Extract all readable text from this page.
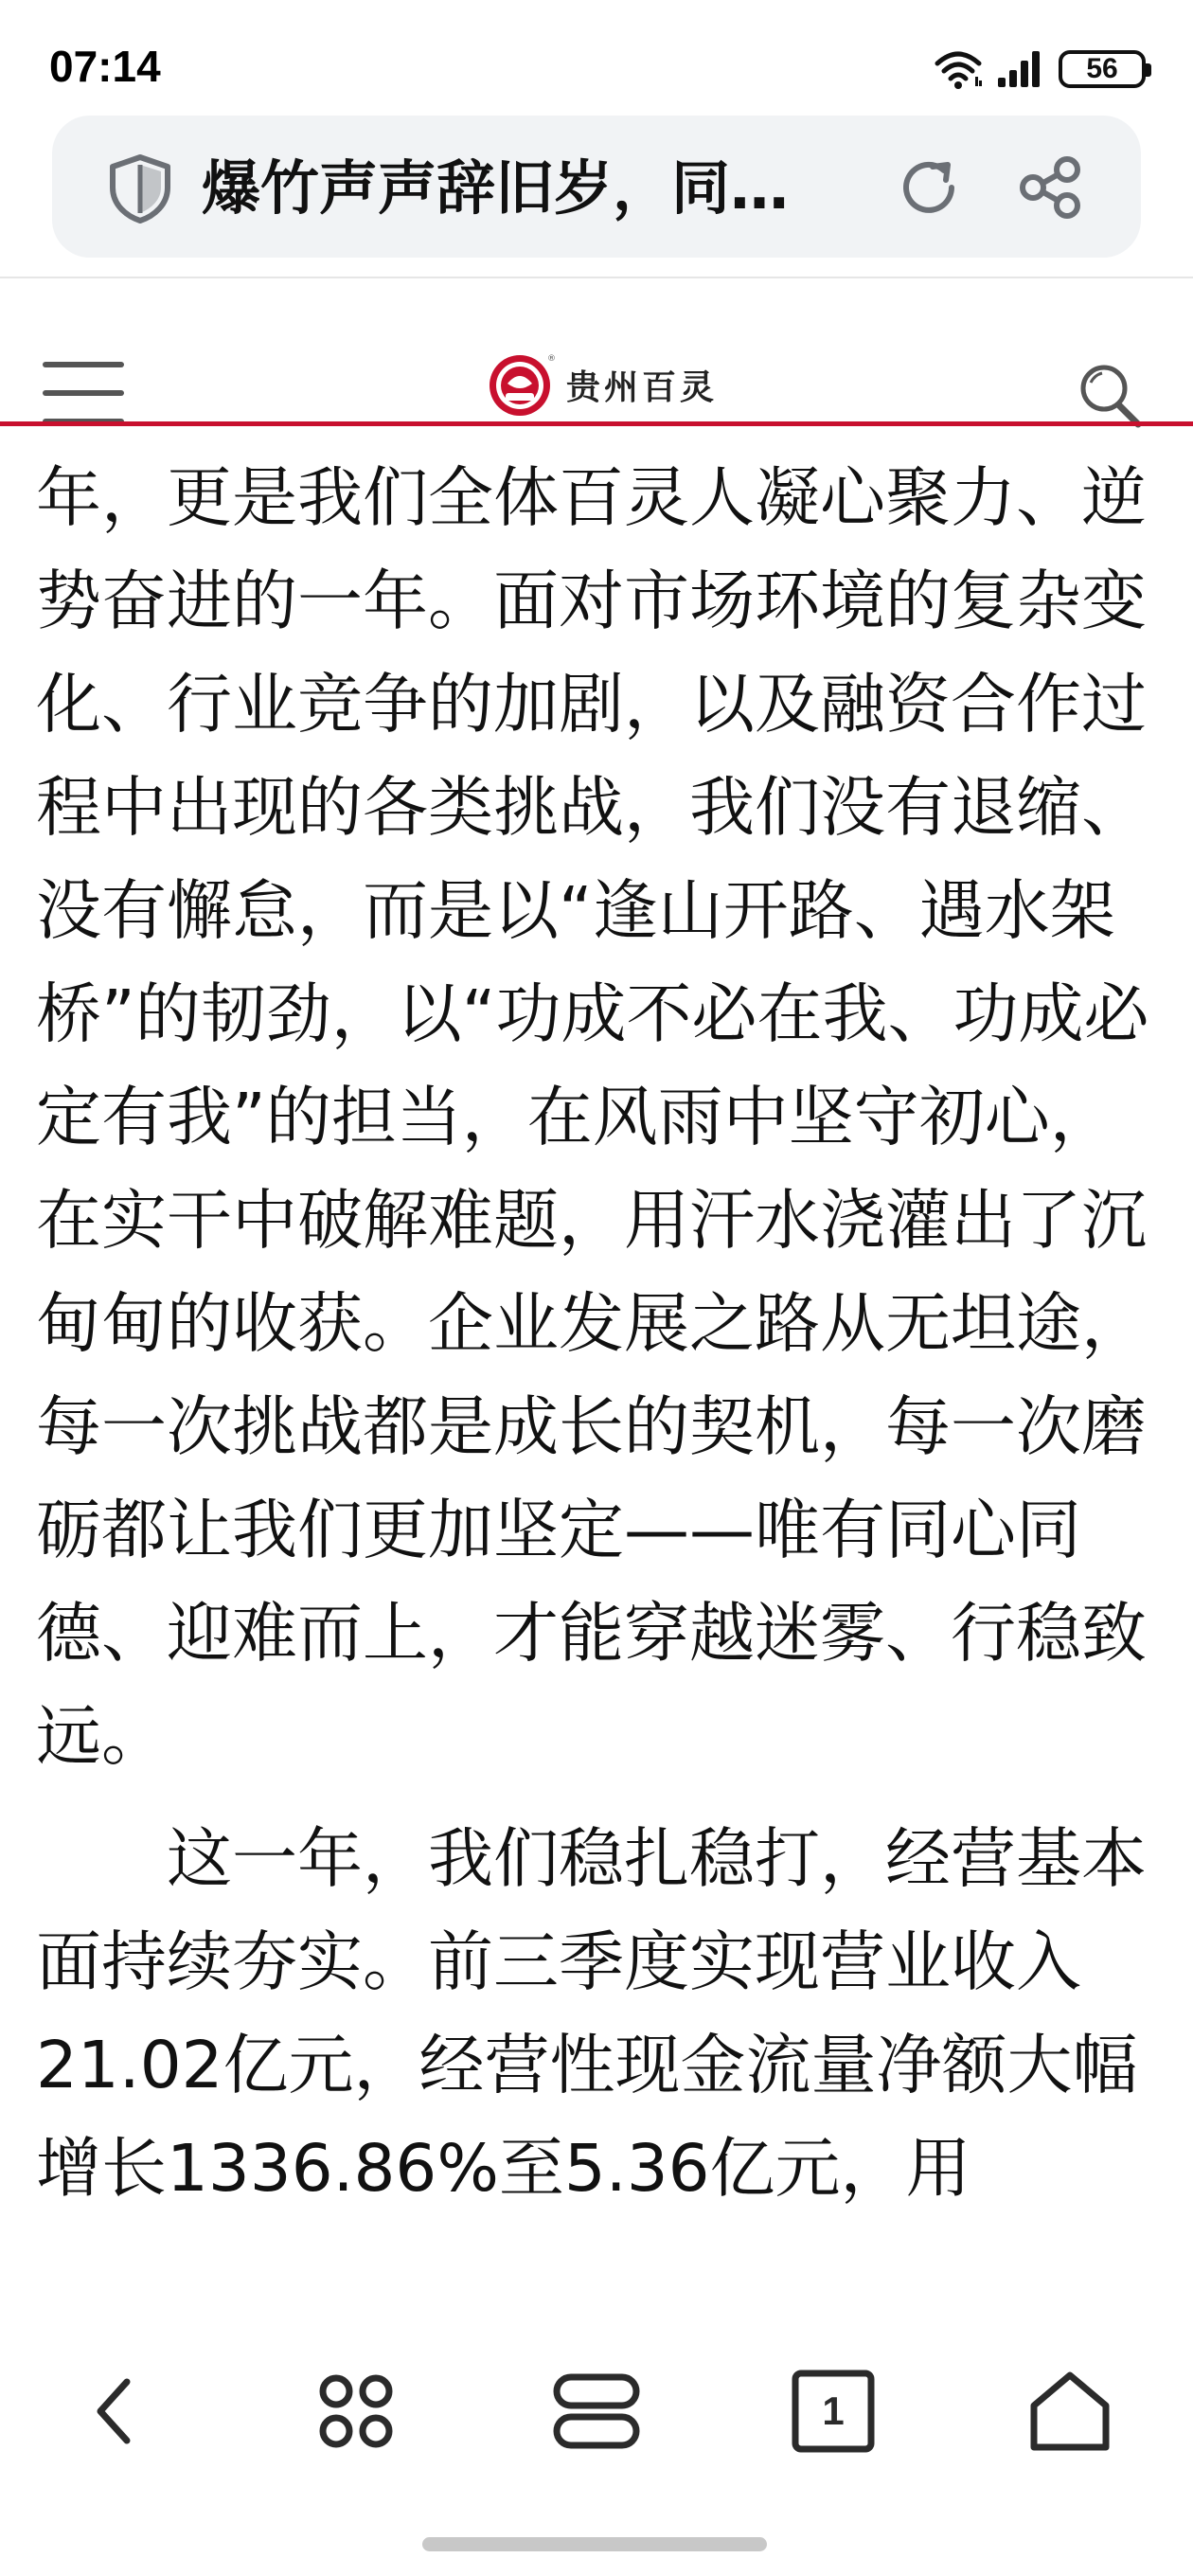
07:14	56
爆竹声声辞旧岁，同…
®
贵州百灵

年，更是我们全体百灵人凝心聚力、逆势奋进的一年。面对市场环境的复杂变化、行业竞争的加剧，以及融资合作过程中出现的各类挑战，我们没有退缩、没有懈怠，而是以“逢山开路、遇水架桥”的韧劲，以“功成不必在我、功成必定有我”的担当，在风雨中坚守初心，在实干中破解难题，用汗水浇灌出了沉甸甸的收获。企业发展之路从无坦途，每一次挑战都是成长的契机，每一次磨砺都让我们更加坚定——唯有同心同德、迎难而上，才能穿越迷雾、行稳致远。

这一年，我们稳扎稳打，经营基本面持续夯实。前三季度实现营业收入21.02亿元，经营性现金流量净额大幅增长1336.86%至5.36亿元，用

1
